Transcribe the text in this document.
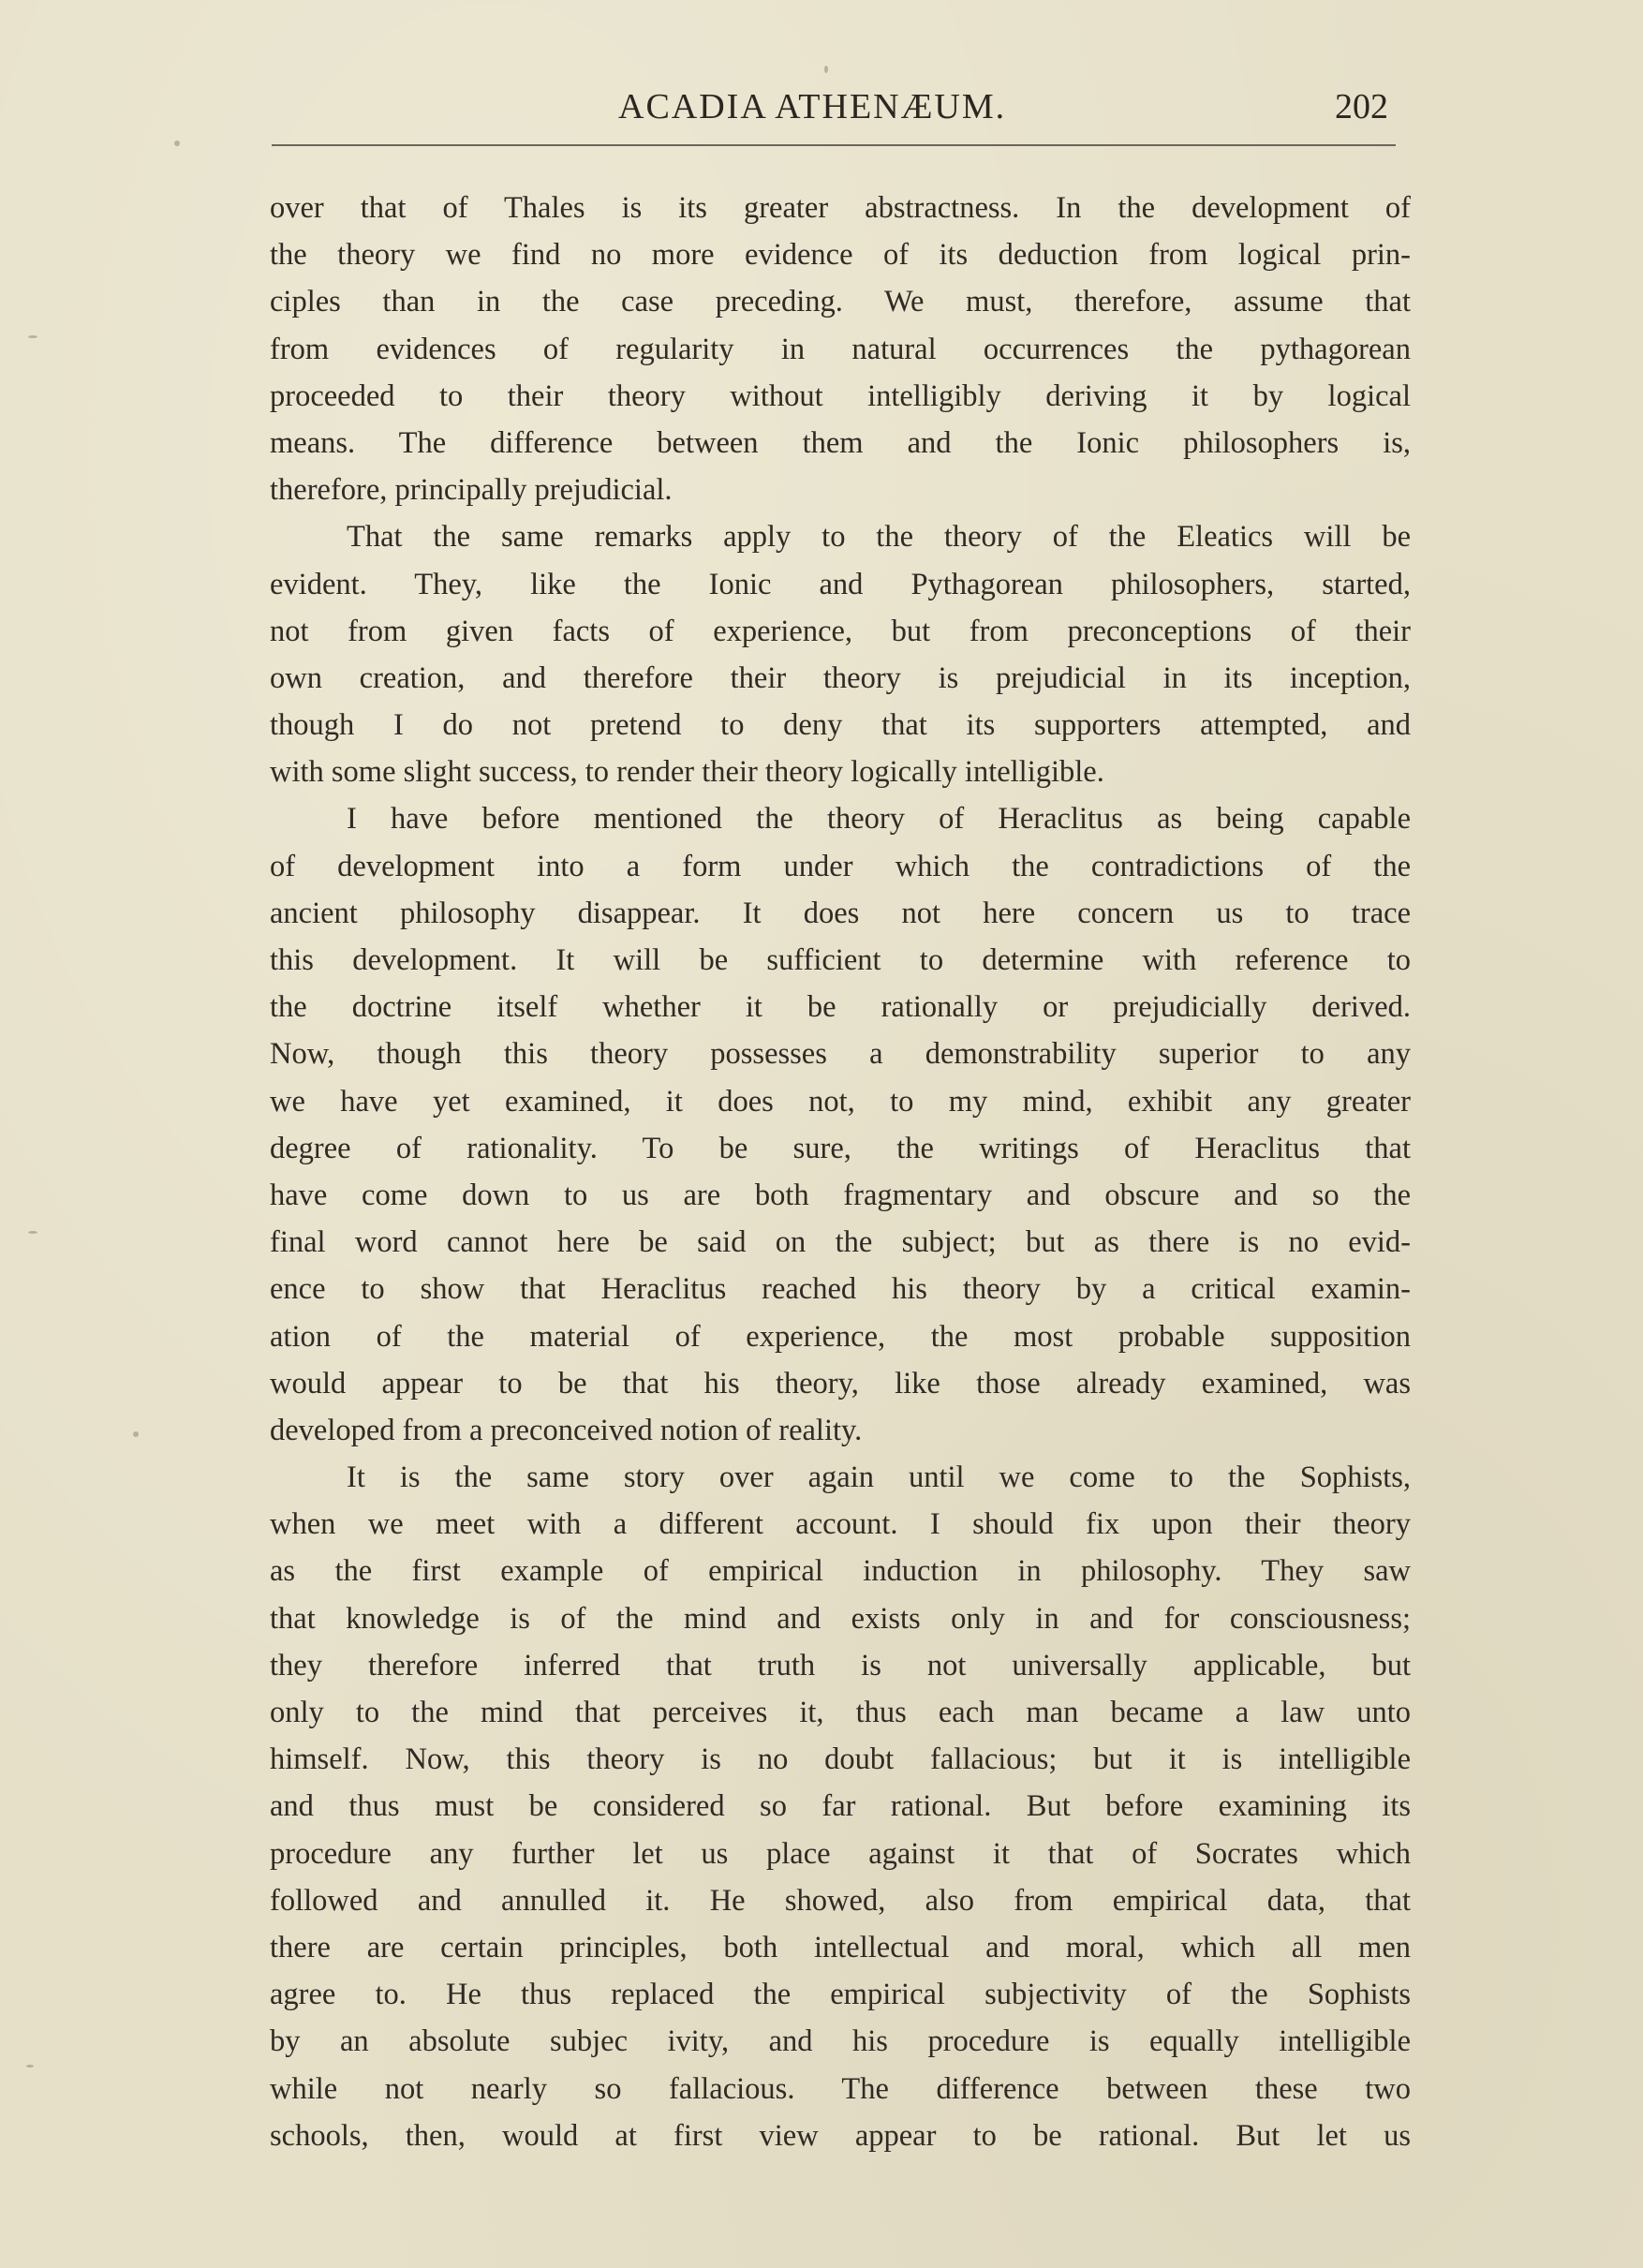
ACADIA ATHENÆUM.	202
over that of Thales is its greater abstractness. In the development of
the theory we find no more evidence of its deduction from logical prin-
ciples than in the case preceding. We must, therefore, assume that
from evidences of regularity in natural occurrences the pythagorean
proceeded to their theory without intelligibly deriving it by logical
means. The difference between them and the Ionic philosophers is,
therefore, principally prejudicial.
That the same remarks apply to the theory of the Eleatics will be
evident. They, like the Ionic and Pythagorean philosophers, started,
not from given facts of experience, but from preconceptions of their
own creation, and therefore their theory is prejudicial in its inception,
though I do not pretend to deny that its supporters attempted, and
with some slight success, to render their theory logically intelligible.
I have before mentioned the theory of Heraclitus as being capable
of development into a form under which the contradictions of the
ancient philosophy disappear. It does not here concern us to trace
this development. It will be sufficient to determine with reference to
the doctrine itself whether it be rationally or prejudicially derived.
Now, though this theory possesses a demonstrability superior to any
we have yet examined, it does not, to my mind, exhibit any greater
degree of rationality. To be sure, the writings of Heraclitus that
have come down to us are both fragmentary and obscure and so the
final word cannot here be said on the subject; but as there is no evid-
ence to show that Heraclitus reached his theory by a critical examin-
ation of the material of experience, the most probable supposition
would appear to be that his theory, like those already examined, was
developed from a preconceived notion of reality.
It is the same story over again until we come to the Sophists,
when we meet with a different account. I should fix upon their theory
as the first example of empirical induction in philosophy. They saw
that knowledge is of the mind and exists only in and for consciousness;
they therefore inferred that truth is not universally applicable, but
only to the mind that perceives it, thus each man became a law unto
himself. Now, this theory is no doubt fallacious; but it is intelligible
and thus must be considered so far rational. But before examining its
procedure any further let us place against it that of Socrates which
followed and annulled it. He showed, also from empirical data, that
there are certain principles, both intellectual and moral, which all men
agree to. He thus replaced the empirical subjectivity of the Sophists
by an absolute subjec ivity, and his procedure is equally intelligible
while not nearly so fallacious. The difference between these two
schools, then, would at first view appear to be rational. But let us
